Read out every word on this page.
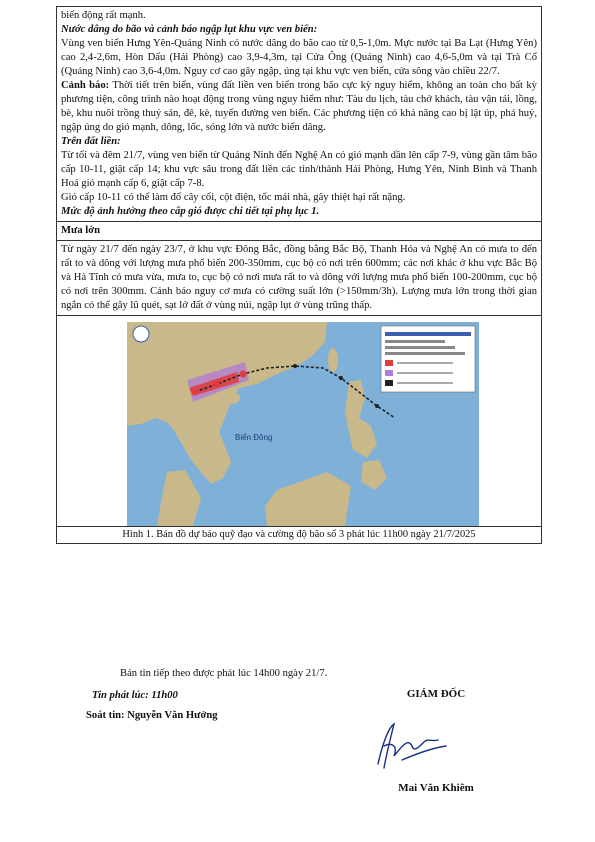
biến động rất mạnh.

Nước dâng do bão và cảnh báo ngập lụt khu vực ven biển:

Vùng ven biển Hưng Yên-Quảng Ninh có nước dâng do bão cao từ 0,5-1,0m. Mực nước tại Ba Lạt (Hưng Yên) cao 2,4-2,6m, Hòn Dấu (Hải Phòng) cao 3,9-4,3m, tại Cửa Ông (Quảng Ninh) cao 4,6-5,0m và tại Trà Cổ (Quảng Ninh) cao 3,6-4,0m. Nguy cơ cao gây ngập, úng tại khu vực ven biển, cửa sông vào chiều 22/7.

Cảnh báo: Thời tiết trên biển, vùng đất liền ven biển trong bão cực kỳ nguy hiểm, không an toàn cho bất kỳ phương tiện, công trình nào hoạt động trong vùng nguy hiểm như: Tàu du lịch, tàu chở khách, tàu vận tải, lồng, bè, khu nuôi trồng thuỷ sản, đê, kè, tuyến đường ven biển. Các phương tiện có khả năng cao bị lật úp, phá huỷ, ngập úng do gió mạnh, dông, lốc, sóng lớn và nước biển dâng.

Trên đất liền:

Từ tối và đêm 21/7, vùng ven biển từ Quảng Ninh đến Nghệ An có gió mạnh dần lên cấp 7-9, vùng gần tâm bão cấp 10-11, giật cấp 14; khu vực sâu trong đất liền các tỉnh/thành Hải Phòng, Hưng Yên, Ninh Bình và Thanh Hoá gió mạnh cấp 6, giật cấp 7-8.

Gió cấp 10-11 có thể làm đổ cây cối, cột điện, tốc mái nhà, gây thiệt hại rất nặng.

Mức độ ảnh hưởng theo cấp gió được chi tiết tại phụ lục 1.

Mưa lớn
Từ ngày 21/7 đến ngày 23/7, ở khu vực Đông Bắc, đồng bằng Bắc Bộ, Thanh Hóa và Nghệ An có mưa to đến rất to và dông với lượng mưa phổ biến 200-350mm, cục bộ có nơi trên 600mm; các nơi khác ở khu vực Bắc Bộ và Hà Tĩnh có mưa vừa, mưa to, cục bộ có nơi mưa rất to và dông với lượng mưa phổ biến 100-200mm, cục bộ có nơi trên 300mm. Cảnh báo nguy cơ mưa có cường suất lớn (>150mm/3h). Lượng mưa lớn trong thời gian ngắn có thể gây lũ quét, sạt lở đất ở vùng núi, ngập lụt ở vùng trũng thấp.

Biển Đông

Hình 1. Bản đồ dự báo quỹ đạo và cường độ bão số 3 phát lúc 11h00 ngày 21/7/2025
Bản tin tiếp theo được phát lúc 14h00 ngày 21/7.
Tin phát lúc: 11h00
Soát tin: Nguyễn Văn Hưởng
GIÁM ĐỐC
Mai Văn Khiêm
